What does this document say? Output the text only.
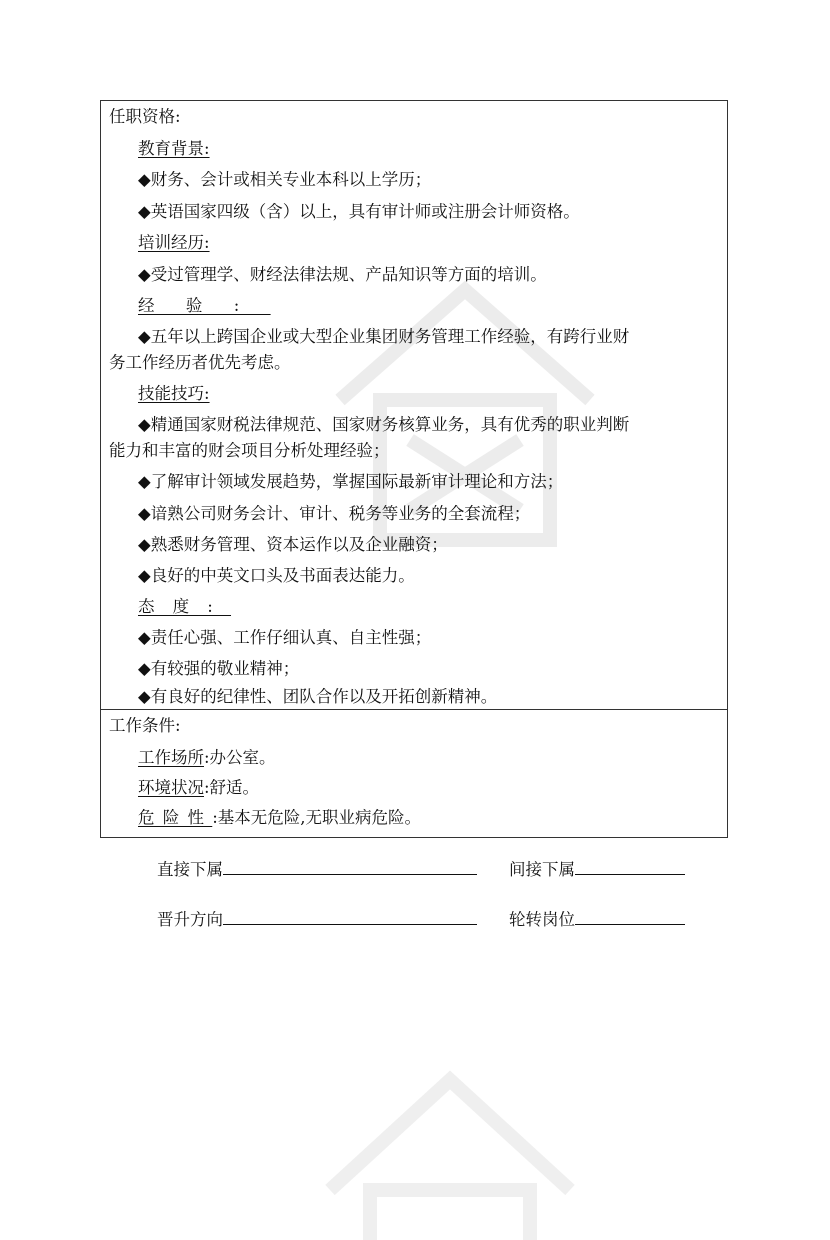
任职资格:
教育背景:
◆财务、会计或相关专业本科以上学历；
◆英语国家四级（含）以上，具有审计师或注册会计师资格。
培训经历:
◆受过管理学、财经法律法规、产品知识等方面的培训。
经验:
◆五年以上跨国企业或大型企业集团财务管理工作经验，有跨行业财
务工作经历者优先考虑。
技能技巧:
◆精通国家财税法律规范、国家财务核算业务，具有优秀的职业判断
能力和丰富的财会项目分析处理经验；
◆了解审计领域发展趋势，掌握国际最新审计理论和方法；
◆谙熟公司财务会计、审计、税务等业务的全套流程；
◆熟悉财务管理、资本运作以及企业融资；
◆良好的中英文口头及书面表达能力。
态度:
◆责任心强、工作仔细认真、自主性强；
◆有较强的敬业精神；
◆有良好的纪律性、团队合作以及开拓创新精神。

工作条件:
工作场所:办公室。
环境状况:舒适。
危险性:基本无危险,无职业病危险。
直接下属	间接下属
晋升方向	轮转岗位
